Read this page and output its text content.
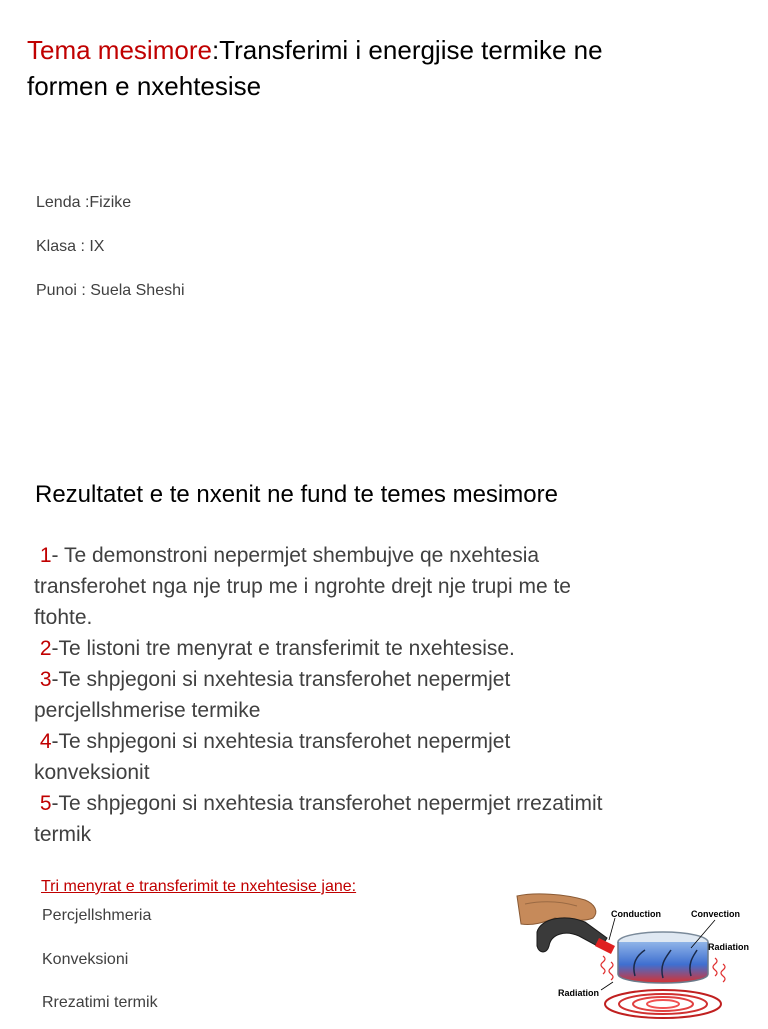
Tema mesimore:Transferimi i energjise termike ne
formen e nxehtesise
Lenda :Fizike
Klasa : IX
Punoi : Suela Sheshi
Rezultatet e te nxenit ne fund te temes mesimore
1- Te demonstroni nepermjet shembujve qe nxehtesia
transferohet nga nje trup me i ngrohte drejt nje trupi me te
ftohte.
2-Te listoni tre menyrat e transferimit te nxehtesise.
3-Te shpjegoni si nxehtesia transferohet nepermjet
percjellshmerise termike
4-Te shpjegoni si nxehtesia transferohet nepermjet
konveksionit
5-Te shpjegoni si nxehtesia transferohet nepermjet rrezatimit
termik
Tri menyrat e transferimit te nxehtesise jane:
Percjellshmeria
Konveksioni
Rrezatimi termik
Conduction	Convection
Radiation
Radiation
